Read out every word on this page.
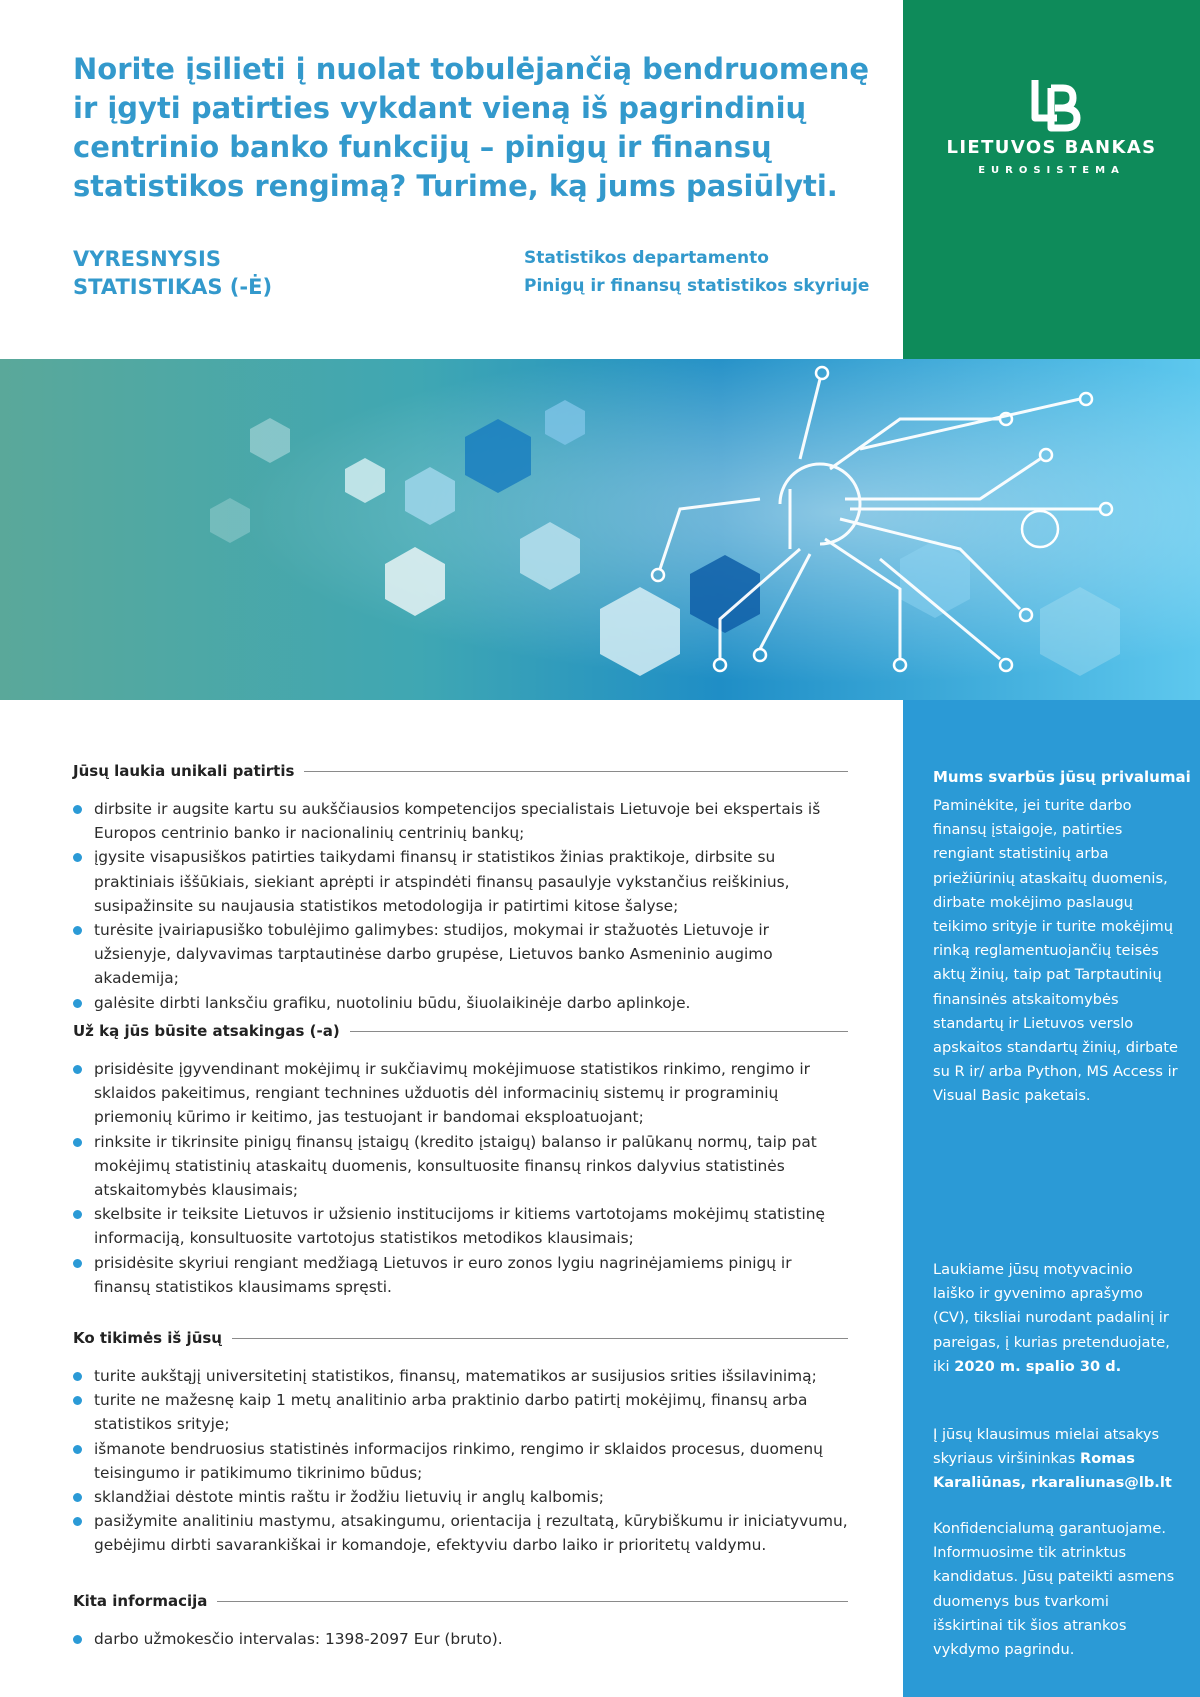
Norite įsilieti į nuolat tobulėjančią bendruomenę
ir įgyti patirties vykdant vieną iš pagrindinių
centrinio banko funkcijų – pinigų ir finansų
statistikos rengimą? Turime, ką jums pasiūlyti.
VYRESNYSIS
STATISTIKAS (-Ė)
Statistikos departamento
Pinigų ir finansų statistikos skyriuje
LIETUVOS BANKAS
EUROSISTEMA
Mums svarbūs jūsų privalumai
Paminėkite, jei turite darbo finansų įstaigoje, patirties rengiant statistinių arba priežiūrinių ataskaitų duomenis, dirbate mokėjimo paslaugų teikimo srityje ir turite mokėjimų rinką reglamentuojančių teisės aktų žinių, taip pat Tarptautinių finansinės atskaitomybės standartų ir Lietuvos verslo apskaitos standartų žinių, dirbate su R ir/ arba Python, MS Access ir Visual Basic paketais.
Laukiame jūsų motyvacinio laiško ir gyvenimo aprašymo (CV), tiksliai nurodant padalinį ir pareigas, į kurias pretenduojate, iki 2020 m. spalio 30 d.
Į jūsų klausimus mielai atsakys skyriaus viršininkas Romas Karaliūnas, rkaraliunas@lb.lt
Konfidencialumą garantuojame. Informuosime tik atrinktus kandidatus. Jūsų pateikti asmens duomenys bus tvarkomi išskirtinai tik šios atrankos vykdymo pagrindu.
Jūsų laukia unikali patirtis
dirbsite ir augsite kartu su aukščiausios kompetencijos specialistais Lietuvoje bei ekspertais iš Europos centrinio banko ir nacionalinių centrinių bankų;
įgysite visapusiškos patirties taikydami finansų ir statistikos žinias praktikoje, dirbsite su praktiniais iššūkiais, siekiant aprėpti ir atspindėti finansų pasaulyje vykstančius reiškinius, susipažinsite su naujausia statistikos metodologija ir patirtimi kitose šalyse;
turėsite įvairiapusiško tobulėjimo galimybes: studijos, mokymai ir stažuotės Lietuvoje ir užsienyje, dalyvavimas tarptautinėse darbo grupėse, Lietuvos banko Asmeninio augimo akademija;
galėsite dirbti lanksčiu grafiku, nuotoliniu būdu, šiuolaikinėje darbo aplinkoje.
Už ką jūs būsite atsakingas (-a)
prisidėsite įgyvendinant mokėjimų ir sukčiavimų mokėjimuose statistikos rinkimo, rengimo ir sklaidos pakeitimus, rengiant technines užduotis dėl informacinių sistemų ir programinių priemonių kūrimo ir keitimo, jas testuojant ir bandomai eksploatuojant;
rinksite ir tikrinsite pinigų finansų įstaigų (kredito įstaigų) balanso ir palūkanų normų, taip pat mokėjimų statistinių ataskaitų duomenis, konsultuosite finansų rinkos dalyvius statistinės atskaitomybės klausimais;
skelbsite ir teiksite Lietuvos ir užsienio institucijoms ir kitiems vartotojams mokėjimų statistinę informaciją, konsultuosite vartotojus statistikos metodikos klausimais;
prisidėsite skyriui rengiant medžiagą Lietuvos ir euro zonos lygiu nagrinėjamiems pinigų ir finansų statistikos klausimams spręsti.
Ko tikimės iš jūsų
turite aukštąjį universitetinį statistikos, finansų, matematikos ar susijusios srities išsilavinimą;
turite ne mažesnę kaip 1 metų analitinio arba praktinio darbo patirtį mokėjimų, finansų arba statistikos srityje;
išmanote bendruosius statistinės informacijos rinkimo, rengimo ir sklaidos procesus, duomenų teisingumo ir patikimumo tikrinimo būdus;
sklandžiai dėstote mintis raštu ir žodžiu lietuvių ir anglų kalbomis;
pasižymite analitiniu mastymu, atsakingumu, orientacija į rezultatą, kūrybiškumu ir iniciatyvumu, gebėjimu dirbti savarankiškai ir komandoje, efektyviu darbo laiko ir prioritetų valdymu.
Kita informacija
darbo užmokesčio intervalas: 1398-2097 Eur (bruto).
